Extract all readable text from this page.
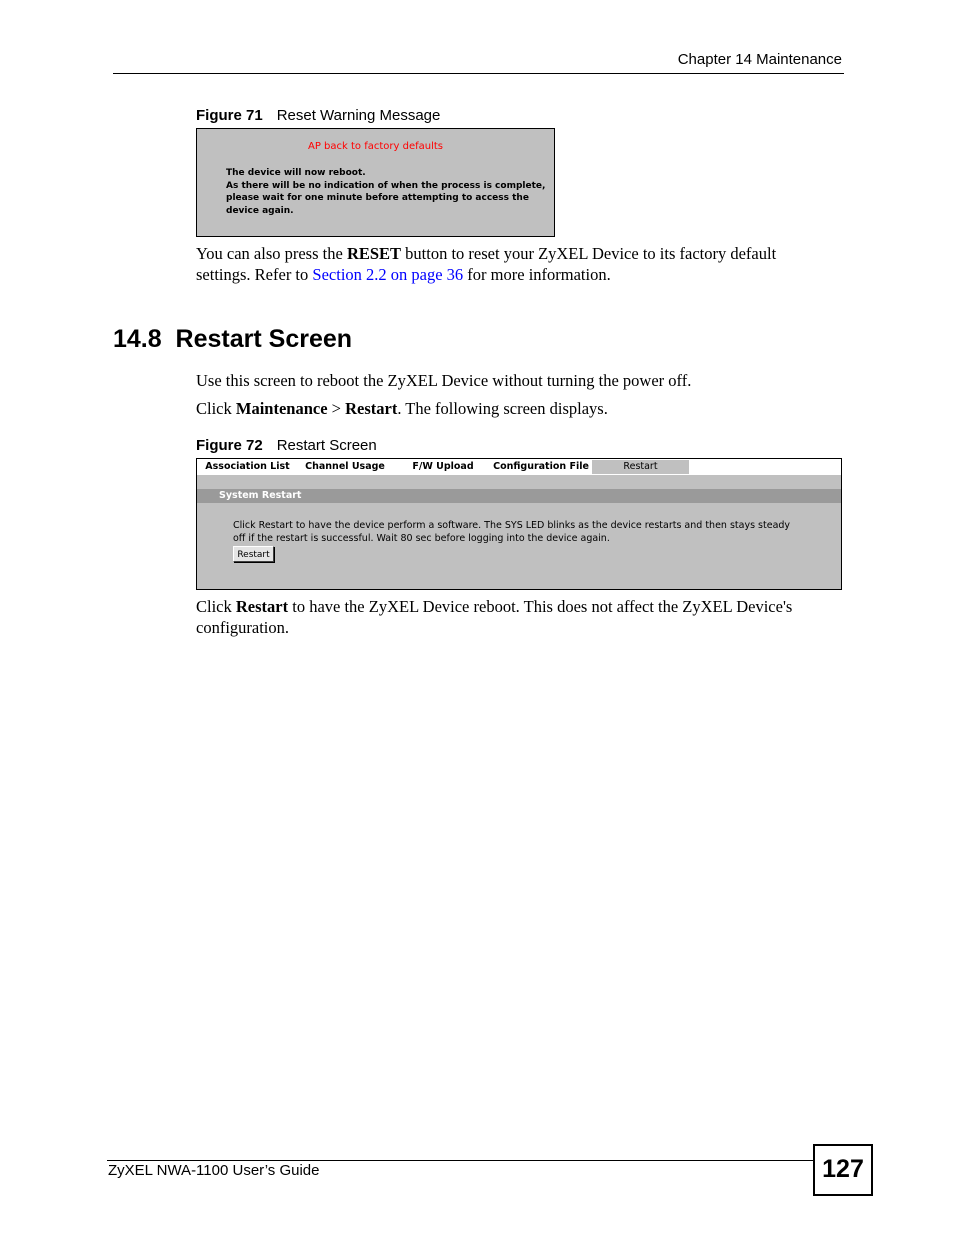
Chapter 14 Maintenance
Figure 71 Reset Warning Message
AP back to factory defaults
The device will now reboot.
As there will be no indication of when the process is complete,
please wait for one minute before attempting to access the
device again.
You can also press the RESET button to reset your ZyXEL Device to its factory default
settings. Refer to Section 2.2 on page 36 for more information.
14.8  Restart Screen
Use this screen to reboot the ZyXEL Device without turning the power off.
Click Maintenance > Restart. The following screen displays.
Figure 72 Restart Screen
Association List	Channel Usage	F/W Upload	Configuration File	Restart
System Restart
Click Restart to have the device perform a software. The SYS LED blinks as the device restarts and then stays steady
off if the restart is successful. Wait 80 sec before logging into the device again.
Restart
Click Restart to have the ZyXEL Device reboot. This does not affect the ZyXEL Device's
configuration.
ZyXEL NWA-1100 User’s Guide	127
